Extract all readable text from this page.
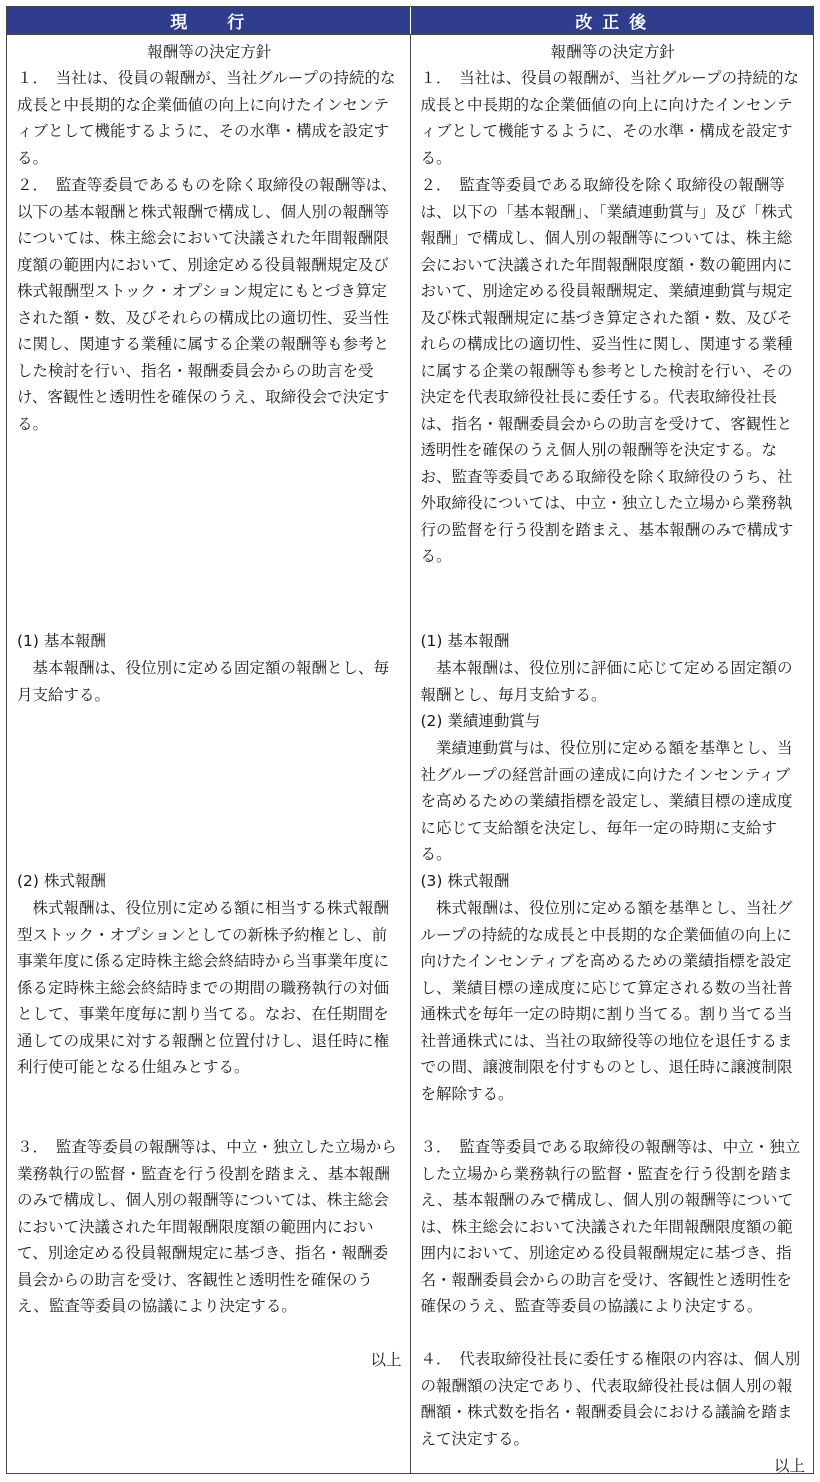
現　　行	改 正 後
報酬等の決定方針
１．　当社は、役員の報酬が、当社グループの持続的な成長と中長期的な企業価値の向上に向けたインセンティブとして機能するように、その水準・構成を設定する。
２．　監査等委員であるものを除く取締役の報酬等は、以下の基本報酬と株式報酬で構成し、個人別の報酬等については、株主総会において決議された年間報酬限度額の範囲内において、別途定める役員報酬規定及び株式報酬型ストック・オプション規定にもとづき算定された額・数、及びそれらの構成比の適切性、妥当性に関し、関連する業種に属する企業の報酬等も参考とした検討を行い、指名・報酬委員会からの助言を受け、客観性と透明性を確保のうえ、取締役会で決定する。
(1) 基本報酬
基本報酬は、役位別に定める固定額の報酬とし、毎月支給する。
(2) 株式報酬
株式報酬は、役位別に定める額に相当する株式報酬型ストック・オプションとしての新株予約権とし、前事業年度に係る定時株主総会終結時から当事業年度に係る定時株主総会終結時までの期間の職務執行の対価として、事業年度毎に割り当てる。なお、在任期間を通しての成果に対する報酬と位置付けし、退任時に権利行使可能となる仕組みとする。
３．　監査等委員の報酬等は、中立・独立した立場から業務執行の監督・監査を行う役割を踏まえ、基本報酬のみで構成し、個人別の報酬等については、株主総会において決議された年間報酬限度額の範囲内において、別途定める役員報酬規定に基づき、指名・報酬委員会からの助言を受け、客観性と透明性を確保のうえ、監査等委員の協議により決定する。
以上
報酬等の決定方針
１．　当社は、役員の報酬が、当社グループの持続的な成長と中長期的な企業価値の向上に向けたインセンティブとして機能するように、その水準・構成を設定する。
２．　監査等委員である取締役を除く取締役の報酬等は、以下の「基本報酬」、「業績連動賞与」及び「株式報酬」で構成し、個人別の報酬等については、株主総会において決議された年間報酬限度額・数の範囲内において、別途定める役員報酬規定、業績連動賞与規定及び株式報酬規定に基づき算定された額・数、及びそれらの構成比の適切性、妥当性に関し、関連する業種に属する企業の報酬等も参考とした検討を行い、その決定を代表取締役社長に委任する。代表取締役社長は、指名・報酬委員会からの助言を受けて、客観性と透明性を確保のうえ個人別の報酬等を決定する。なお、監査等委員である取締役を除く取締役のうち、社外取締役については、中立・独立した立場から業務執行の監督を行う役割を踏まえ、基本報酬のみで構成する。
(1) 基本報酬
基本報酬は、役位別に評価に応じて定める固定額の報酬とし、毎月支給する。
(2) 業績連動賞与
業績連動賞与は、役位別に定める額を基準とし、当社グループの経営計画の達成に向けたインセンティブを高めるための業績指標を設定し、業績目標の達成度に応じて支給額を決定し、毎年一定の時期に支給する。
(3) 株式報酬
株式報酬は、役位別に定める額を基準とし、当社グループの持続的な成長と中長期的な企業価値の向上に向けたインセンティブを高めるための業績指標を設定し、業績目標の達成度に応じて算定される数の当社普通株式を毎年一定の時期に割り当てる。割り当てる当社普通株式には、当社の取締役等の地位を退任するまでの間、譲渡制限を付すものとし、退任時に譲渡制限を解除する。
３．　監査等委員である取締役の報酬等は、中立・独立した立場から業務執行の監督・監査を行う役割を踏まえ、基本報酬のみで構成し、個人別の報酬等については、株主総会において決議された年間報酬限度額の範囲内において、別途定める役員報酬規定に基づき、指名・報酬委員会からの助言を受け、客観性と透明性を確保のうえ、監査等委員の協議により決定する。
４．　代表取締役社長に委任する権限の内容は、個人別の報酬額の決定であり、代表取締役社長は個人別の報酬額・株式数を指名・報酬委員会における議論を踏まえて決定する。
以上
